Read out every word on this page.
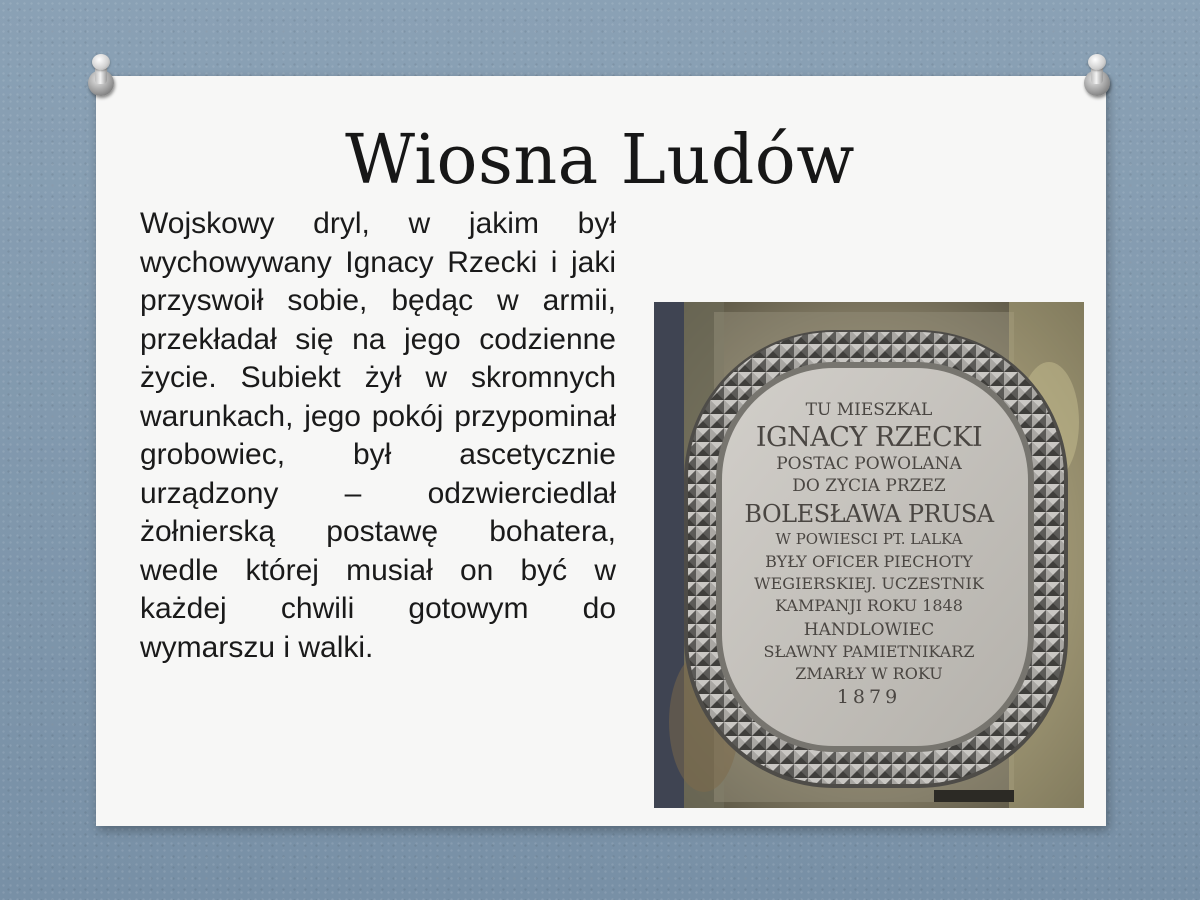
Wiosna Ludów

Wojskowy dryl, w jakim był wychowywany Ignacy Rzecki i jaki przyswoił sobie, będąc w armii, przekładał się na jego codzienne życie. Subiekt żył w skromnych warunkach, jego pokój przypominał grobowiec, był ascetycznie urządzony – odzwierciedlał żołnierską postawę bohatera, wedle której musiał on być w każdej chwili gotowym do wymarszu i walki.

TU MIESZKAL
IGNACY RZECKI
POSTAC POWOLANA
DO ZYCIA PRZEZ
BOLESŁAWA PRUSA
W POWIESCI PT. LALKA
BYŁY OFICER PIECHOTY
WEGIERSKIEJ. UCZESTNIK
KAMPANJI ROKU 1848
HANDLOWIEC
SŁAWNY PAMIETNIKARZ
ZMARŁY W ROKU
1879
